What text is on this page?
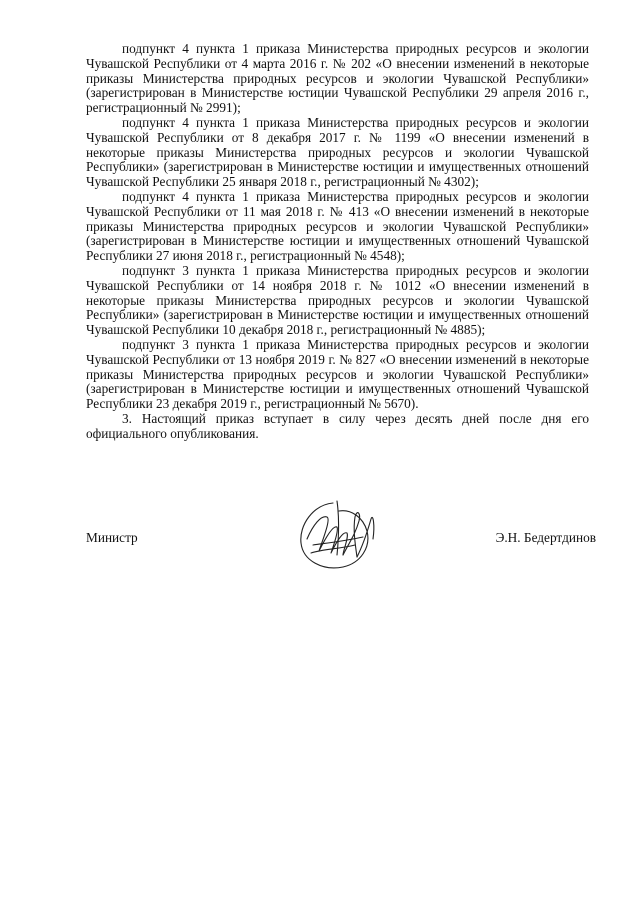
подпункт 4 пункта 1 приказа Министерства природных ресурсов и экологии Чувашской Республики от 4 марта 2016 г. № 202 «О внесении изменений в некоторые приказы Министерства природных ресурсов и экологии Чувашской Республики» (зарегистрирован в Министерстве юстиции Чувашской Республики 29 апреля 2016 г., регистрационный № 2991);

подпункт 4 пункта 1 приказа Министерства природных ресурсов и экологии Чувашской Республики от 8 декабря 2017 г. № 1199 «О внесении изменений в некоторые приказы Министерства природных ресурсов и экологии Чувашской Республики» (зарегистрирован в Министерстве юстиции и имущественных отношений Чувашской Республики 25 января 2018 г., регистрационный № 4302);

подпункт 4 пункта 1 приказа Министерства природных ресурсов и экологии Чувашской Республики от 11 мая 2018 г. № 413 «О внесении изменений в некоторые приказы Министерства природных ресурсов и экологии Чувашской Республики» (зарегистрирован в Министерстве юстиции и имущественных отношений Чувашской Республики 27 июня 2018 г., регистрационный № 4548);

подпункт 3 пункта 1 приказа Министерства природных ресурсов и экологии Чувашской Республики от 14 ноября 2018 г. № 1012 «О внесении изменений в некоторые приказы Министерства природных ресурсов и экологии Чувашской Республики» (зарегистрирован в Министерстве юстиции и имущественных отношений Чувашской Республики 10 декабря 2018 г., регистрационный № 4885);

подпункт 3 пункта 1 приказа Министерства природных ресурсов и экологии Чувашской Республики от 13 ноября 2019 г. № 827 «О внесении изменений в некоторые приказы Министерства природных ресурсов и экологии Чувашской Республики» (зарегистрирован в Министерстве юстиции и имущественных отношений Чувашской Республики 23 декабря 2019 г., регистрационный № 5670).

3. Настоящий приказ вступает в силу через десять дней после дня его официального опубликования.

Министр	Э.Н. Бедертдинов
